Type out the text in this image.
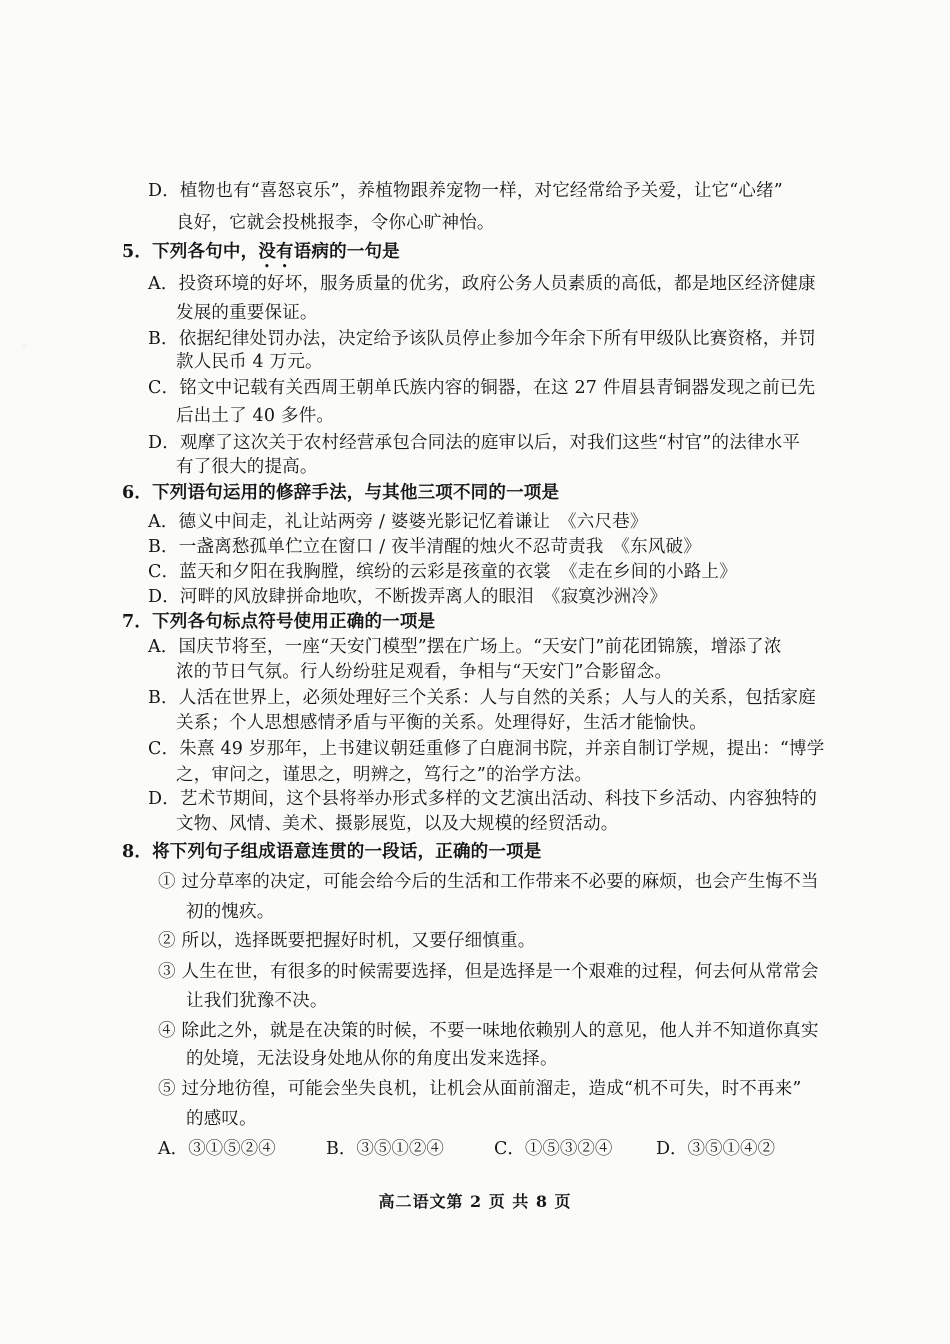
◦

D．植物也有“喜怒哀乐”，养植物跟养宠物一样，对它经常给予关爱，让它“心绪”

良好，它就会投桃报李，令你心旷神怡。

5．下列各句中，没有语病的一句是

A．投资环境的好坏，服务质量的优劣，政府公务人员素质的高低，都是地区经济健康

发展的重要保证。

B．依据纪律处罚办法，决定给予该队员停止参加今年余下所有甲级队比赛资格，并罚

款人民币 4 万元。

C．铭文中记载有关西周王朝单氏族内容的铜器，在这 27 件眉县青铜器发现之前已先

后出土了 40 多件。

D．观摩了这次关于农村经营承包合同法的庭审以后，对我们这些“村官”的法律水平

有了很大的提高。

6．下列语句运用的修辞手法，与其他三项不同的一项是

A．德义中间走，礼让站两旁 / 婆婆光影记忆着谦让　《六尺巷》

B．一盏离愁孤单伫立在窗口 / 夜半清醒的烛火不忍苛责我　《东风破》

C．蓝天和夕阳在我胸膛，缤纷的云彩是孩童的衣裳　《走在乡间的小路上》

D．河畔的风放肆拼命地吹，不断拨弄离人的眼泪　《寂寞沙洲冷》

7．下列各句标点符号使用正确的一项是

A．国庆节将至，一座“天安门模型”摆在广场上。“天安门”前花团锦簇，增添了浓

浓的节日气氛。行人纷纷驻足观看，争相与“天安门”合影留念。

B．人活在世界上，必须处理好三个关系：人与自然的关系；人与人的关系，包括家庭

关系；个人思想感情矛盾与平衡的关系。处理得好，生活才能愉快。

C．朱熹 49 岁那年，上书建议朝廷重修了白鹿洞书院，并亲自制订学规，提出：“博学

之，审问之，谨思之，明辨之，笃行之”的治学方法。

D．艺术节期间，这个县将举办形式多样的文艺演出活动、科技下乡活动、内容独特的

文物、风情、美术、摄影展览，以及大规模的经贸活动。

8．将下列句子组成语意连贯的一段话，正确的一项是

① 过分草率的决定，可能会给今后的生活和工作带来不必要的麻烦，也会产生悔不当

初的愧疚。

② 所以，选择既要把握好时机，又要仔细慎重。

③ 人生在世，有很多的时候需要选择，但是选择是一个艰难的过程，何去何从常常会

让我们犹豫不决。

④ 除此之外，就是在决策的时候，不要一味地依赖别人的意见，他人并不知道你真实

的处境，无法设身处地从你的角度出发来选择。

⑤ 过分地彷徨，可能会坐失良机，让机会从面前溜走，造成“机不可失，时不再来”

的感叹。

A．③①⑤②④	B．③⑤①②④	C．①⑤③②④ D．③⑤①④②
高二语文第 2 页 共 8 页
